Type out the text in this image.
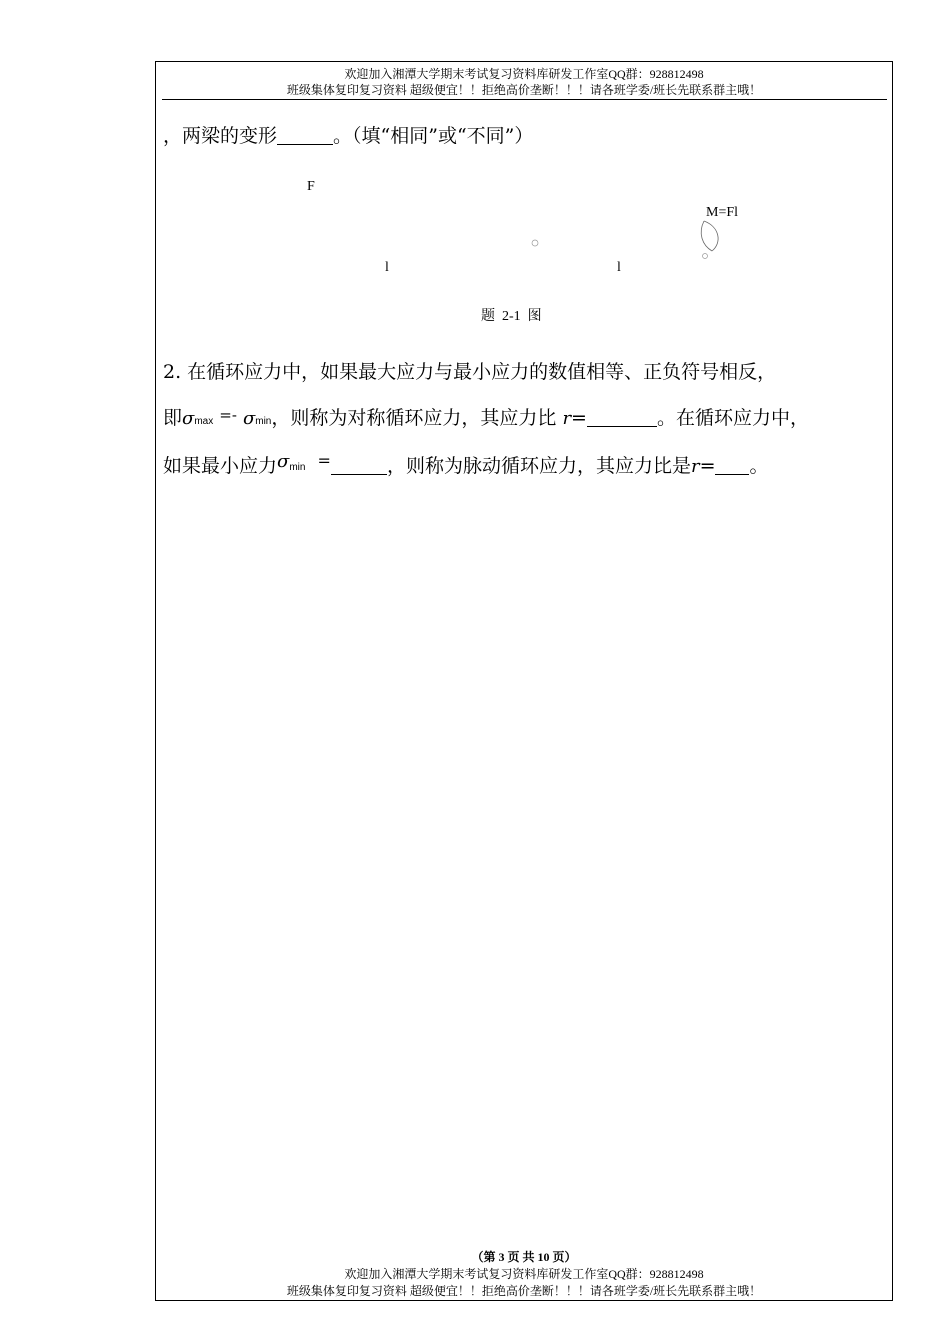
欢迎加入湘潭大学期末考试复习资料库研发工作室QQ群：928812498
班级集体复印复习资料 超级便宜！！拒绝高价垄断！！！请各班学委/班长先联系群主哦！
，两梁的变形	。（填“相同”或“不同”）
F
M=Fl
l	l
题  2-1  图
2. 在循环应力中，如果最大应力与最小应力的数值相等、正负符号相反，
即σmax =- σmin，则称为对称循环应力，其应力比 r=	。在循环应力中，
如果最小应力$\sigma^{min}$ =	，则称为脉动循环应力，其应力比是r= 。
（第 3 页 共 10 页）
欢迎加入湘潭大学期末考试复习资料库研发工作室QQ群：928812498
班级集体复印复习资料 超级便宜！！拒绝高价垄断！！！请各班学委/班长先联系群主哦！
